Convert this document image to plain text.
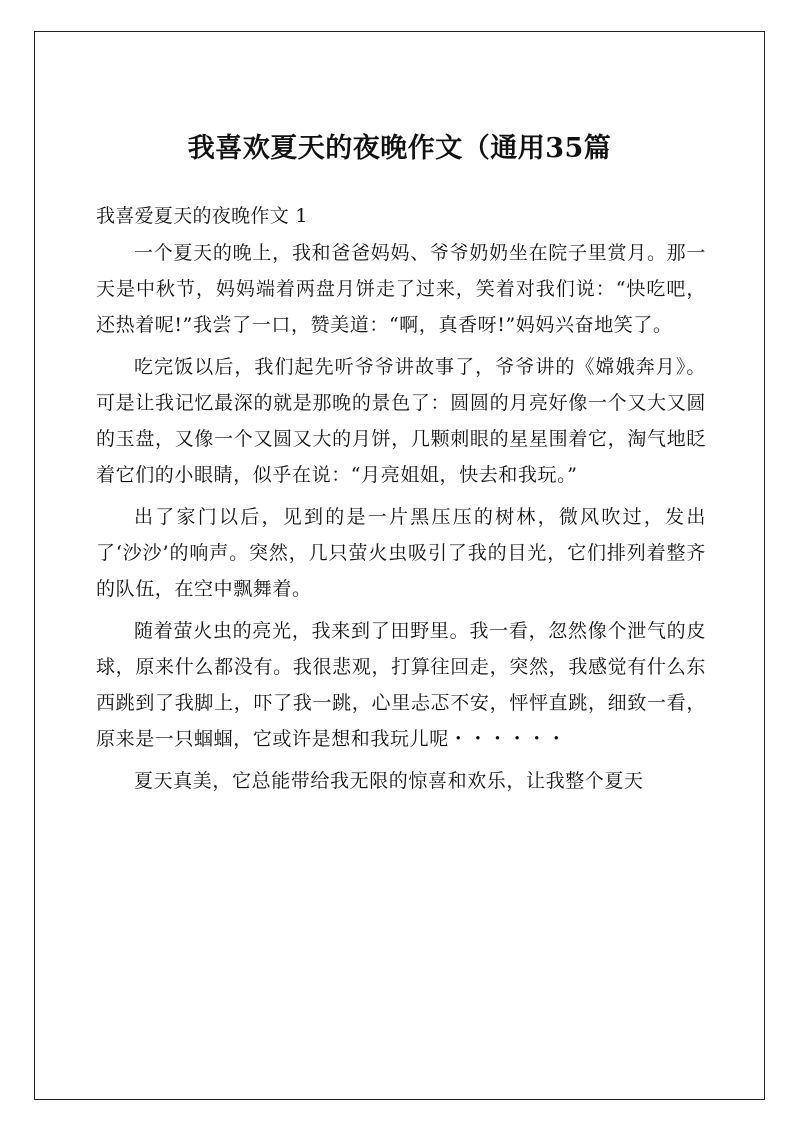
我喜欢夏天的夜晚作文（通用35篇

我喜爱夏天的夜晚作文 1

一个夏天的晚上，我和爸爸妈妈、爷爷奶奶坐在院子里赏月。那一天是中秋节，妈妈端着两盘月饼走了过来，笑着对我们说：“快吃吧，还热着呢!”我尝了一口，赞美道：“啊，真香呀!”妈妈兴奋地笑了。

吃完饭以后，我们起先听爷爷讲故事了，爷爷讲的《嫦娥奔月》。可是让我记忆最深的就是那晚的景色了：圆圆的月亮好像一个又大又圆的玉盘，又像一个又圆又大的月饼，几颗刺眼的星星围着它，淘气地眨着它们的小眼睛，似乎在说：“月亮姐姐，快去和我玩。”

出了家门以后，见到的是一片黑压压的树林，微风吹过，发出了‘沙沙’的响声。突然，几只萤火虫吸引了我的目光，它们排列着整齐的队伍，在空中飘舞着。

随着萤火虫的亮光，我来到了田野里。我一看，忽然像个泄气的皮球，原来什么都没有。我很悲观，打算往回走，突然，我感觉有什么东西跳到了我脚上，吓了我一跳，心里忐忑不安，怦怦直跳，细致一看，原来是一只蝈蝈，它或许是想和我玩儿呢・・・・・・

夏天真美，它总能带给我无限的惊喜和欢乐，让我整个夏天
